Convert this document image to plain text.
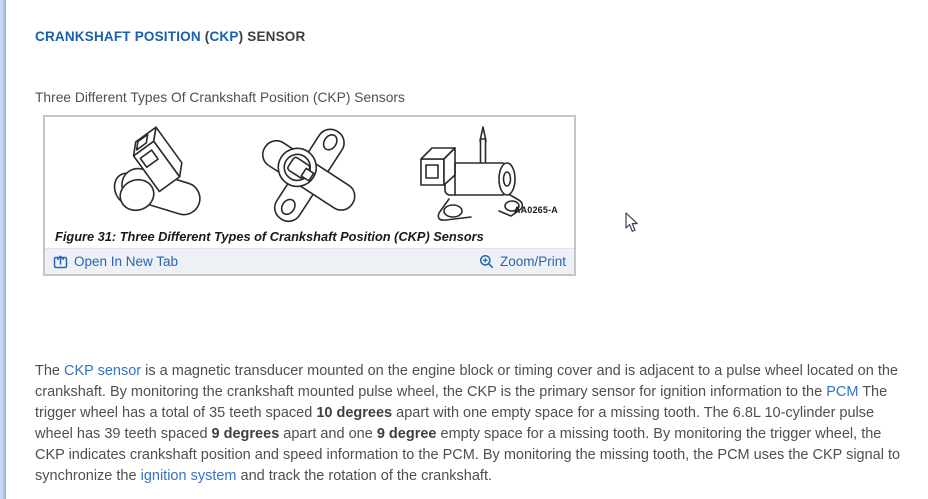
CRANKSHAFT POSITION (CKP) SENSOR
Three Different Types Of Crankshaft Position (CKP) Sensors
AA0265-A
Figure 31: Three Different Types of Crankshaft Position (CKP) Sensors
Open In New Tab	Zoom/Print

The CKP sensor is a magnetic transducer mounted on the engine block or timing cover and is adjacent to a pulse wheel located on the crankshaft. By monitoring the crankshaft mounted pulse wheel, the CKP is the primary sensor for ignition information to the PCM The trigger wheel has a total of 35 teeth spaced 10 degrees apart with one empty space for a missing tooth. The 6.8L 10-cylinder pulse wheel has 39 teeth spaced 9 degrees apart and one 9 degree empty space for a missing tooth. By monitoring the trigger wheel, the CKP indicates crankshaft position and speed information to the PCM. By monitoring the missing tooth, the PCM uses the CKP signal to synchronize the ignition system and track the rotation of the crankshaft.
